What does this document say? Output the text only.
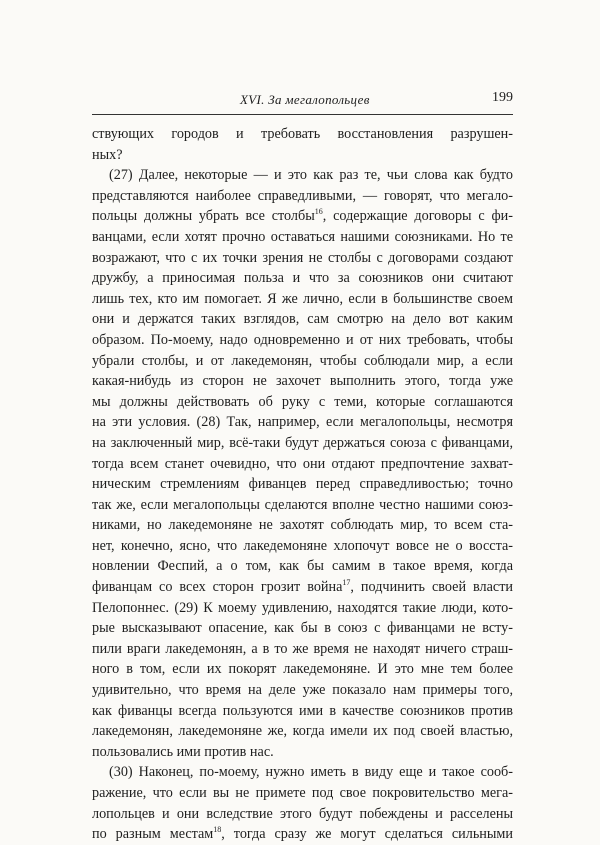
XVI. За мегалопольцев	199
ствующих городов и требовать восстановления разрушен-
ных?
(27) Далее, некоторые — и это как раз те, чьи слова как будто
представляются наиболее справедливыми, — говорят, что мегало-
польцы должны убрать все столбы$^{16}$, содержащие договоры с фи-
ванцами, если хотят прочно оставаться нашими союзниками. Но те
возражают, что с их точки зрения не столбы с договорами создают
дружбу, а приносимая польза и что за союзников они считают
лишь тех, кто им помогает. Я же лично, если в большинстве своем
они и держатся таких взглядов, сам смотрю на дело вот каким
образом. По-моему, надо одновременно и от них требовать, чтобы
убрали столбы, и от лакедемонян, чтобы соблюдали мир, а если
какая-нибудь из сторон не захочет выполнить этого, тогда уже
мы должны действовать об руку с теми, которые соглашаются
на эти условия. (28) Так, например, если мегалопольцы, несмотря
на заключенный мир, всё-таки будут держаться союза с фиванцами,
тогда всем станет очевидно, что они отдают предпочтение захват-
ническим стремлениям фиванцев перед справедливостью; точно
так же, если мегалопольцы сделаются вполне честно нашими союз-
никами, но лакедемоняне не захотят соблюдать мир, то всем ста-
нет, конечно, ясно, что лакедемоняне хлопочут вовсе не о восста-
новлении Феспий, а о том, как бы самим в такое время, когда
фиванцам со всех сторон грозит война$^{17}$, подчинить своей власти
Пелопоннес. (29) К моему удивлению, находятся такие люди, кото-
рые высказывают опасение, как бы в союз с фиванцами не всту-
пили враги лакедемонян, а в то же время не находят ничего страш-
ного в том, если их покорят лакедемоняне. И это мне тем более
удивительно, что время на деле уже показало нам примеры того,
как фиванцы всегда пользуются ими в качестве союзников против
лакедемонян, лакедемоняне же, когда имели их под своей властью,
пользовались ими против нас.
(30) Наконец, по-моему, нужно иметь в виду еще и такое сооб-
ражение, что если вы не примете под свое покровительство мега-
лопольцев и они вследствие этого будут побеждены и расселены
по разным местам$^{18}$, тогда сразу же могут сделаться сильными
